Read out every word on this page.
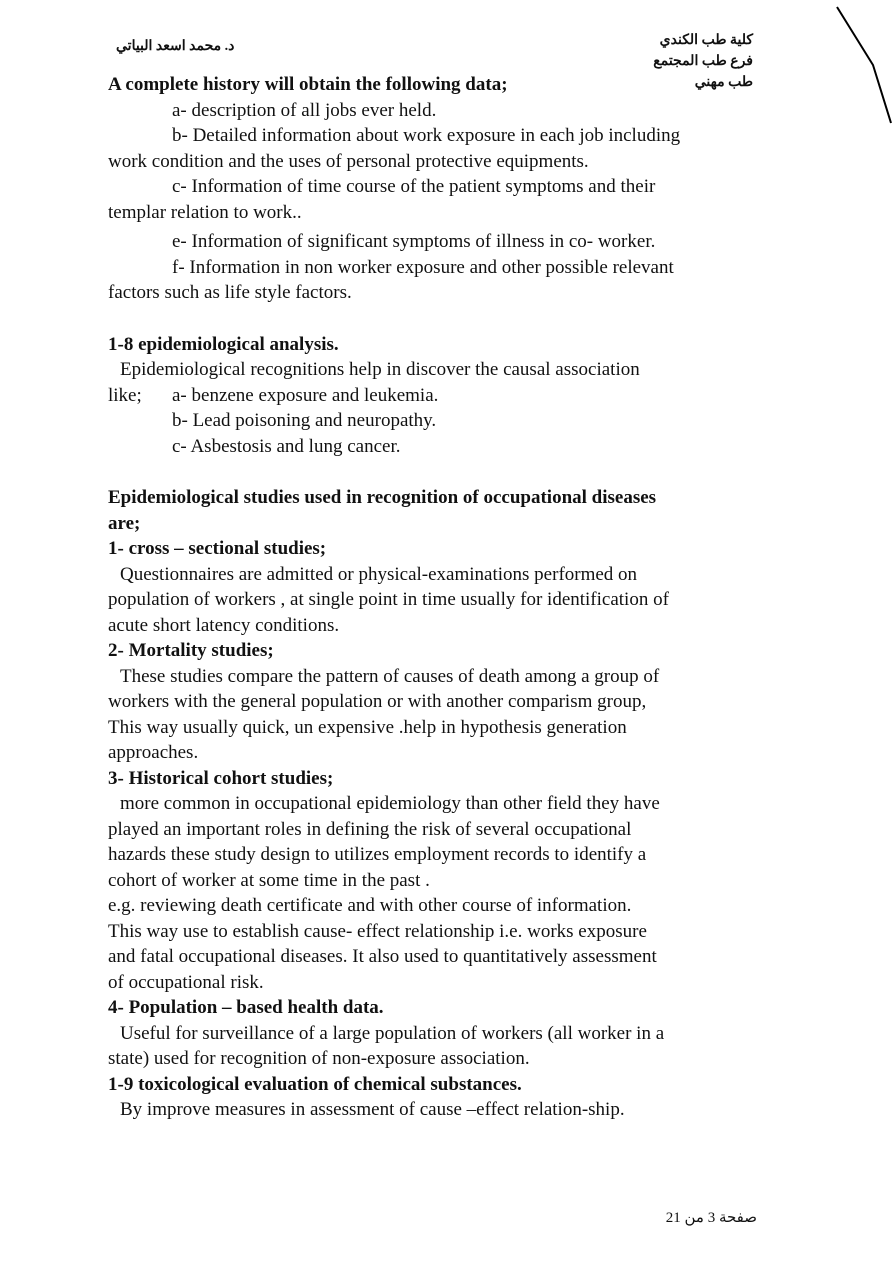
د. محمد اسعد البياتي	كلية طب الكندي
فرع طب المجتمع
طب مهني

A complete history will obtain the following data;

a- description of all jobs ever held.

b- Detailed information about work exposure in each job including

work condition and the uses of personal protective equipments.

c- Information of time course of the patient symptoms and their

templar relation to work..

e- Information of significant symptoms of illness in co- worker.

f- Information in non worker exposure and other possible relevant

factors such as life style factors.

1-8 epidemiological analysis.

Epidemiological recognitions help in discover the causal association

like; a- benzene exposure and leukemia.

b- Lead poisoning and neuropathy.

c- Asbestosis and lung cancer.

Epidemiological studies used in recognition of occupational diseases

are;

1- cross – sectional studies;

Questionnaires are admitted or physical-examinations performed on

population of workers , at single point in time usually for identification of

acute short latency conditions.

2- Mortality studies;

These studies compare the pattern of causes of death among a group of

workers with the general population or with another comparism group,

This way usually quick, un expensive .help in hypothesis generation

approaches.

3- Historical cohort studies;

more common in occupational epidemiology than other field they have

played an important roles in defining the risk of several occupational

hazards these study design to utilizes employment records to identify a

cohort of worker at some time in the past .

e.g. reviewing death certificate and with other course of information.

This way use to establish cause- effect relationship i.e. works exposure

and fatal occupational diseases. It also used to quantitatively assessment

of occupational risk.

4- Population – based health data.

Useful for surveillance of a large population of workers (all worker in a

state) used for recognition of non-exposure association.

1-9 toxicological evaluation of chemical substances.

By improve measures in assessment of cause –effect relation-ship.

صفحة 3 من 21
